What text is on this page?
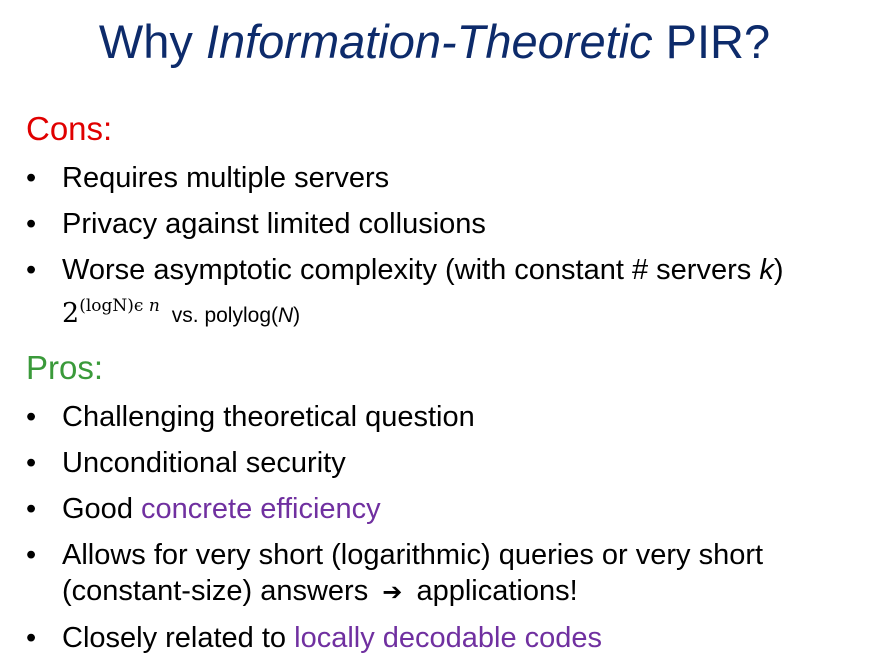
Why Information-Theoretic PIR?
Cons:
• Requires multiple servers
• Privacy against limited collusions
• Worse asymptotic complexity (with constant # servers k)
$2^{(logN)\epsilon n}$ vs. polylog(N)
Pros:
• Challenging theoretical question
• Unconditional security
• Good concrete efficiency
• Allows for very short (logarithmic) queries or very short
(constant-size) answers ➔ applications!
• Closely related to locally decodable codes
